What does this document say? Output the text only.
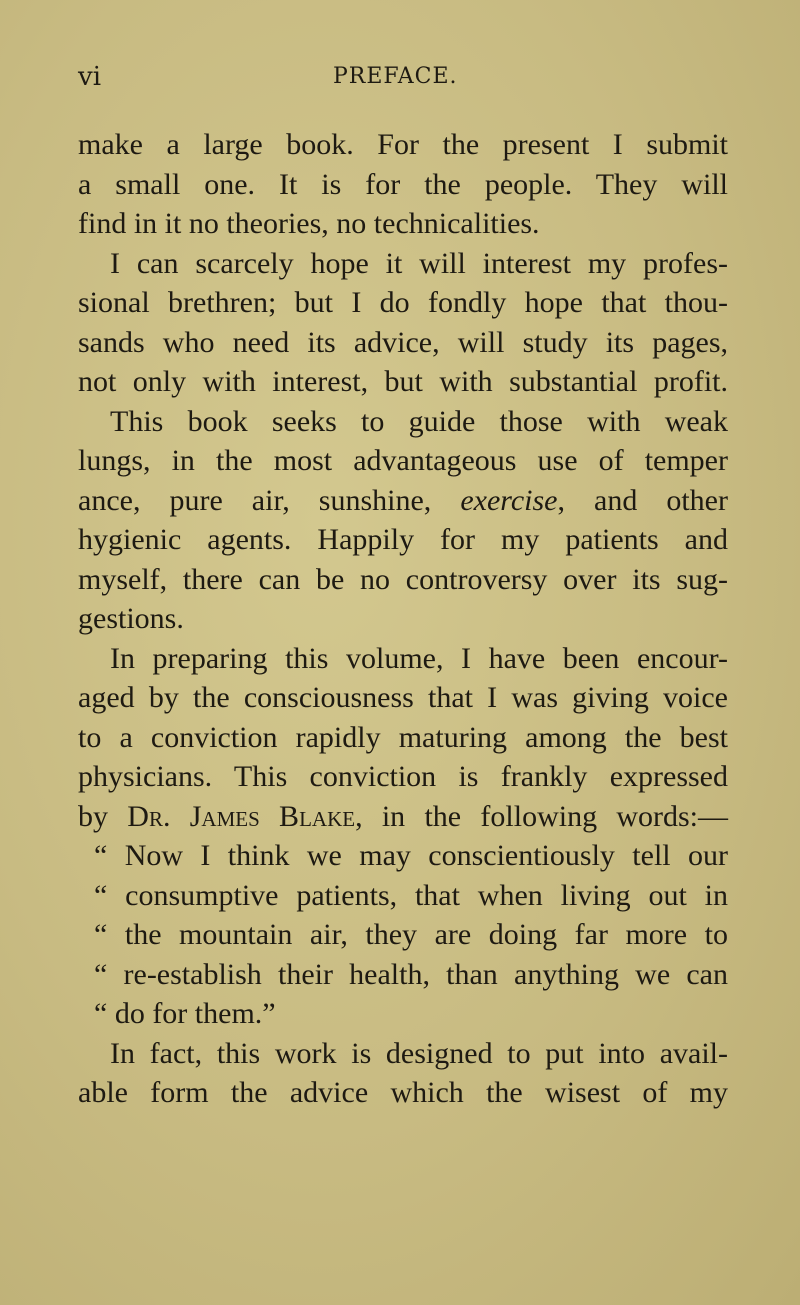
vi	PREFACE.
make a large book. For the present I submit
a small one. It is for the people. They will
find in it no theories, no technicalities.
I can scarcely hope it will interest my profes-
sional brethren; but I do fondly hope that thou-
sands who need its advice, will study its pages,
not only with interest, but with substantial profit.
This book seeks to guide those with weak
lungs, in the most advantageous use of temper
ance, pure air, sunshine, exercise, and other
hygienic agents. Happily for my patients and
myself, there can be no controversy over its sug-
gestions.
In preparing this volume, I have been encour-
aged by the consciousness that I was giving voice
to a conviction rapidly maturing among the best
physicians. This conviction is frankly expressed
by Dr. James Blake, in the following words:—
“ Now I think we may conscientiously tell our
“ consumptive patients, that when living out in
“ the mountain air, they are doing far more to
“ re-establish their health, than anything we can
“ do for them.”
In fact, this work is designed to put into avail-
able form the advice which the wisest of my
